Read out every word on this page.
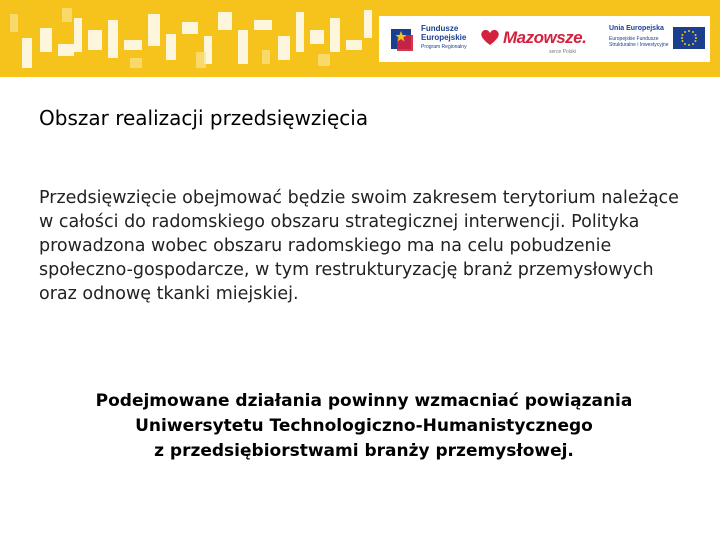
Fundusze
Europejskie
Program Regionalny Mazowsze.
serce Polski
Unia Europejska
Europejskie Fundusze
Strukturalne i Inwestycyjne
Obszar realizacji przedsięwzięcia

Przedsięwzięcie obejmować będzie swoim zakresem terytorium należące w całości do radomskiego obszaru strategicznej interwencji. Polityka prowadzona wobec obszaru radomskiego ma na celu pobudzenie społeczno-gospodarcze, w tym restrukturyzację branż przemysłowych oraz odnowę tkanki miejskiej.

Podejmowane działania powinny wzmacniać powiązania
Uniwersytetu Technologiczno-Humanistycznego
z przedsiębiorstwami branży przemysłowej.
